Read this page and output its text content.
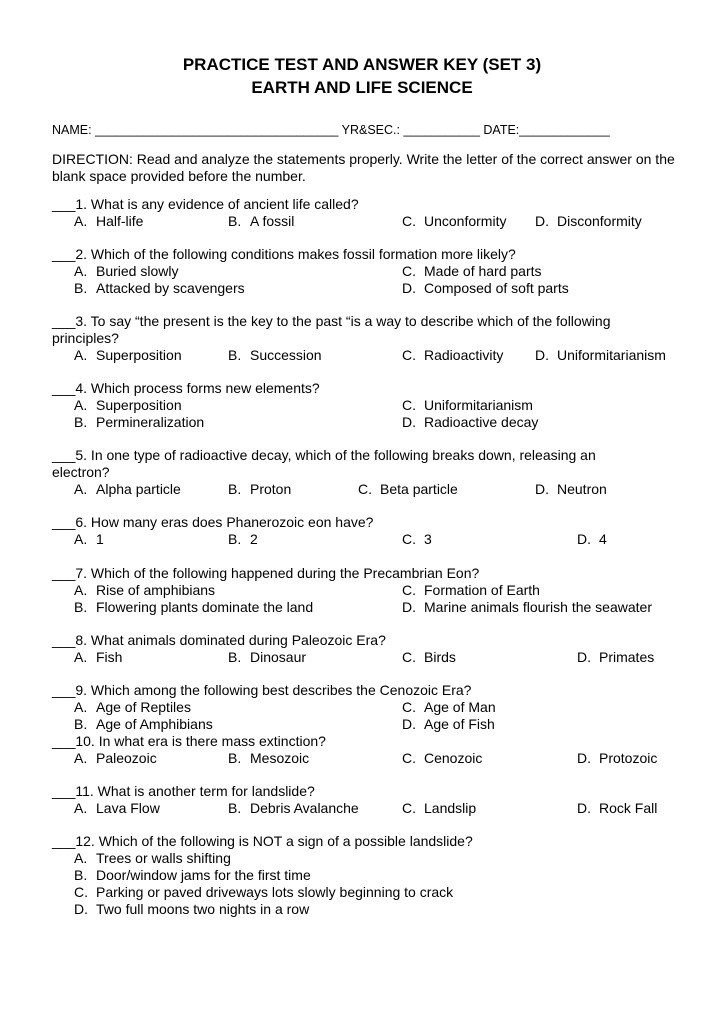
PRACTICE TEST AND ANSWER KEY (SET 3)
EARTH AND LIFE SCIENCE
NAME: ___________________________________ YR&SEC.: ___________ DATE:_____________
DIRECTION: Read and analyze the statements properly. Write the letter of the correct answer on the blank space provided before the number.
___1. What is any evidence of ancient life called?
A. Half-life	B. A fossil	C. Unconformity D. Disconformity
___2. Which of the following conditions makes fossil formation more likely?
A. Buried slowly	C. Made of hard parts
B. Attacked by scavengers	D. Composed of soft parts
___3. To say “the present is the key to the past “is a way to describe which of the following principles?
A. Superposition	B. Succession	C. Radioactivity D. Uniformitarianism
___4. Which process forms new elements?
A. Superposition	C. Uniformitarianism
B. Permineralization	D. Radioactive decay
___5. In one type of radioactive decay, which of the following breaks down, releasing an electron?
A. Alpha particle	B. Proton	C. Beta particle	D. Neutron
___6. How many eras does Phanerozoic eon have?
A. 1	B. 2	C. 3	D. 4
___7. Which of the following happened during the Precambrian Eon?
A. Rise of amphibians	C. Formation of Earth
B. Flowering plants dominate the land	D. Marine animals flourish the seawater
___8. What animals dominated during Paleozoic Era?
A. Fish	B. Dinosaur	C. Birds	D. Primates
___9. Which among the following best describes the Cenozoic Era?
A. Age of Reptiles	C. Age of Man
B. Age of Amphibians	D. Age of Fish
___10. In what era is there mass extinction?
A. Paleozoic	B. Mesozoic	C. Cenozoic	D. Protozoic
___11. What is another term for landslide?
A. Lava Flow	B. Debris Avalanche	C. Landslip	D. Rock Fall
___12. Which of the following is NOT a sign of a possible landslide?
A. Trees or walls shifting
B. Door/window jams for the first time
C. Parking or paved driveways lots slowly beginning to crack
D. Two full moons two nights in a row
